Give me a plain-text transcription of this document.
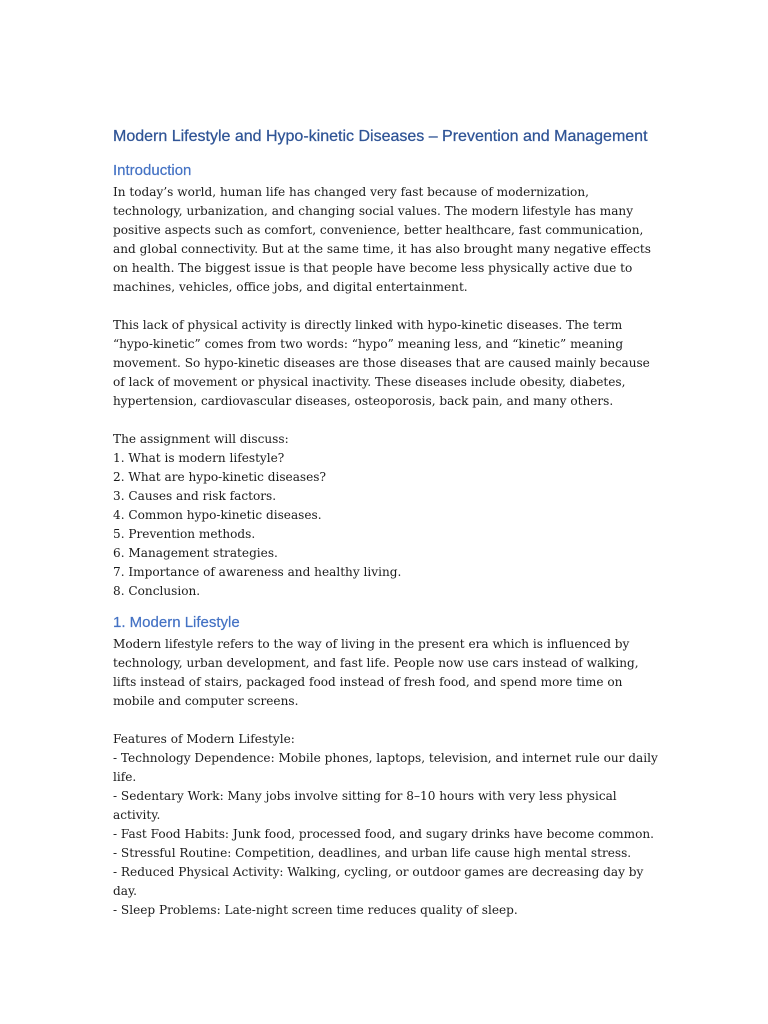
Modern Lifestyle and Hypo-kinetic Diseases – Prevention and Management
Introduction

In today’s world, human life has changed very fast because of modernization, technology, urbanization, and changing social values. The modern lifestyle has many positive aspects such as comfort, convenience, better healthcare, fast communication, and global connectivity. But at the same time, it has also brought many negative effects on health. The biggest issue is that people have become less physically active due to machines, vehicles, office jobs, and digital entertainment.

This lack of physical activity is directly linked with hypo-kinetic diseases. The term “hypo-kinetic” comes from two words: “hypo” meaning less, and “kinetic” meaning movement. So hypo-kinetic diseases are those diseases that are caused mainly because of lack of movement or physical inactivity. These diseases include obesity, diabetes, hypertension, cardiovascular diseases, osteoporosis, back pain, and many others.

The assignment will discuss:

1. What is modern lifestyle?
2. What are hypo-kinetic diseases?
3. Causes and risk factors.
4. Common hypo-kinetic diseases.
5. Prevention methods.
6. Management strategies.
7. Importance of awareness and healthy living.
8. Conclusion.
1. Modern Lifestyle

Modern lifestyle refers to the way of living in the present era which is influenced by technology, urban development, and fast life. People now use cars instead of walking, lifts instead of stairs, packaged food instead of fresh food, and spend more time on mobile and computer screens.

Features of Modern Lifestyle:

- Technology Dependence: Mobile phones, laptops, television, and internet rule our daily life.
- Sedentary Work: Many jobs involve sitting for 8–10 hours with very less physical activity.
- Fast Food Habits: Junk food, processed food, and sugary drinks have become common.
- Stressful Routine: Competition, deadlines, and urban life cause high mental stress.
- Reduced Physical Activity: Walking, cycling, or outdoor games are decreasing day by day.
- Sleep Problems: Late-night screen time reduces quality of sleep.
